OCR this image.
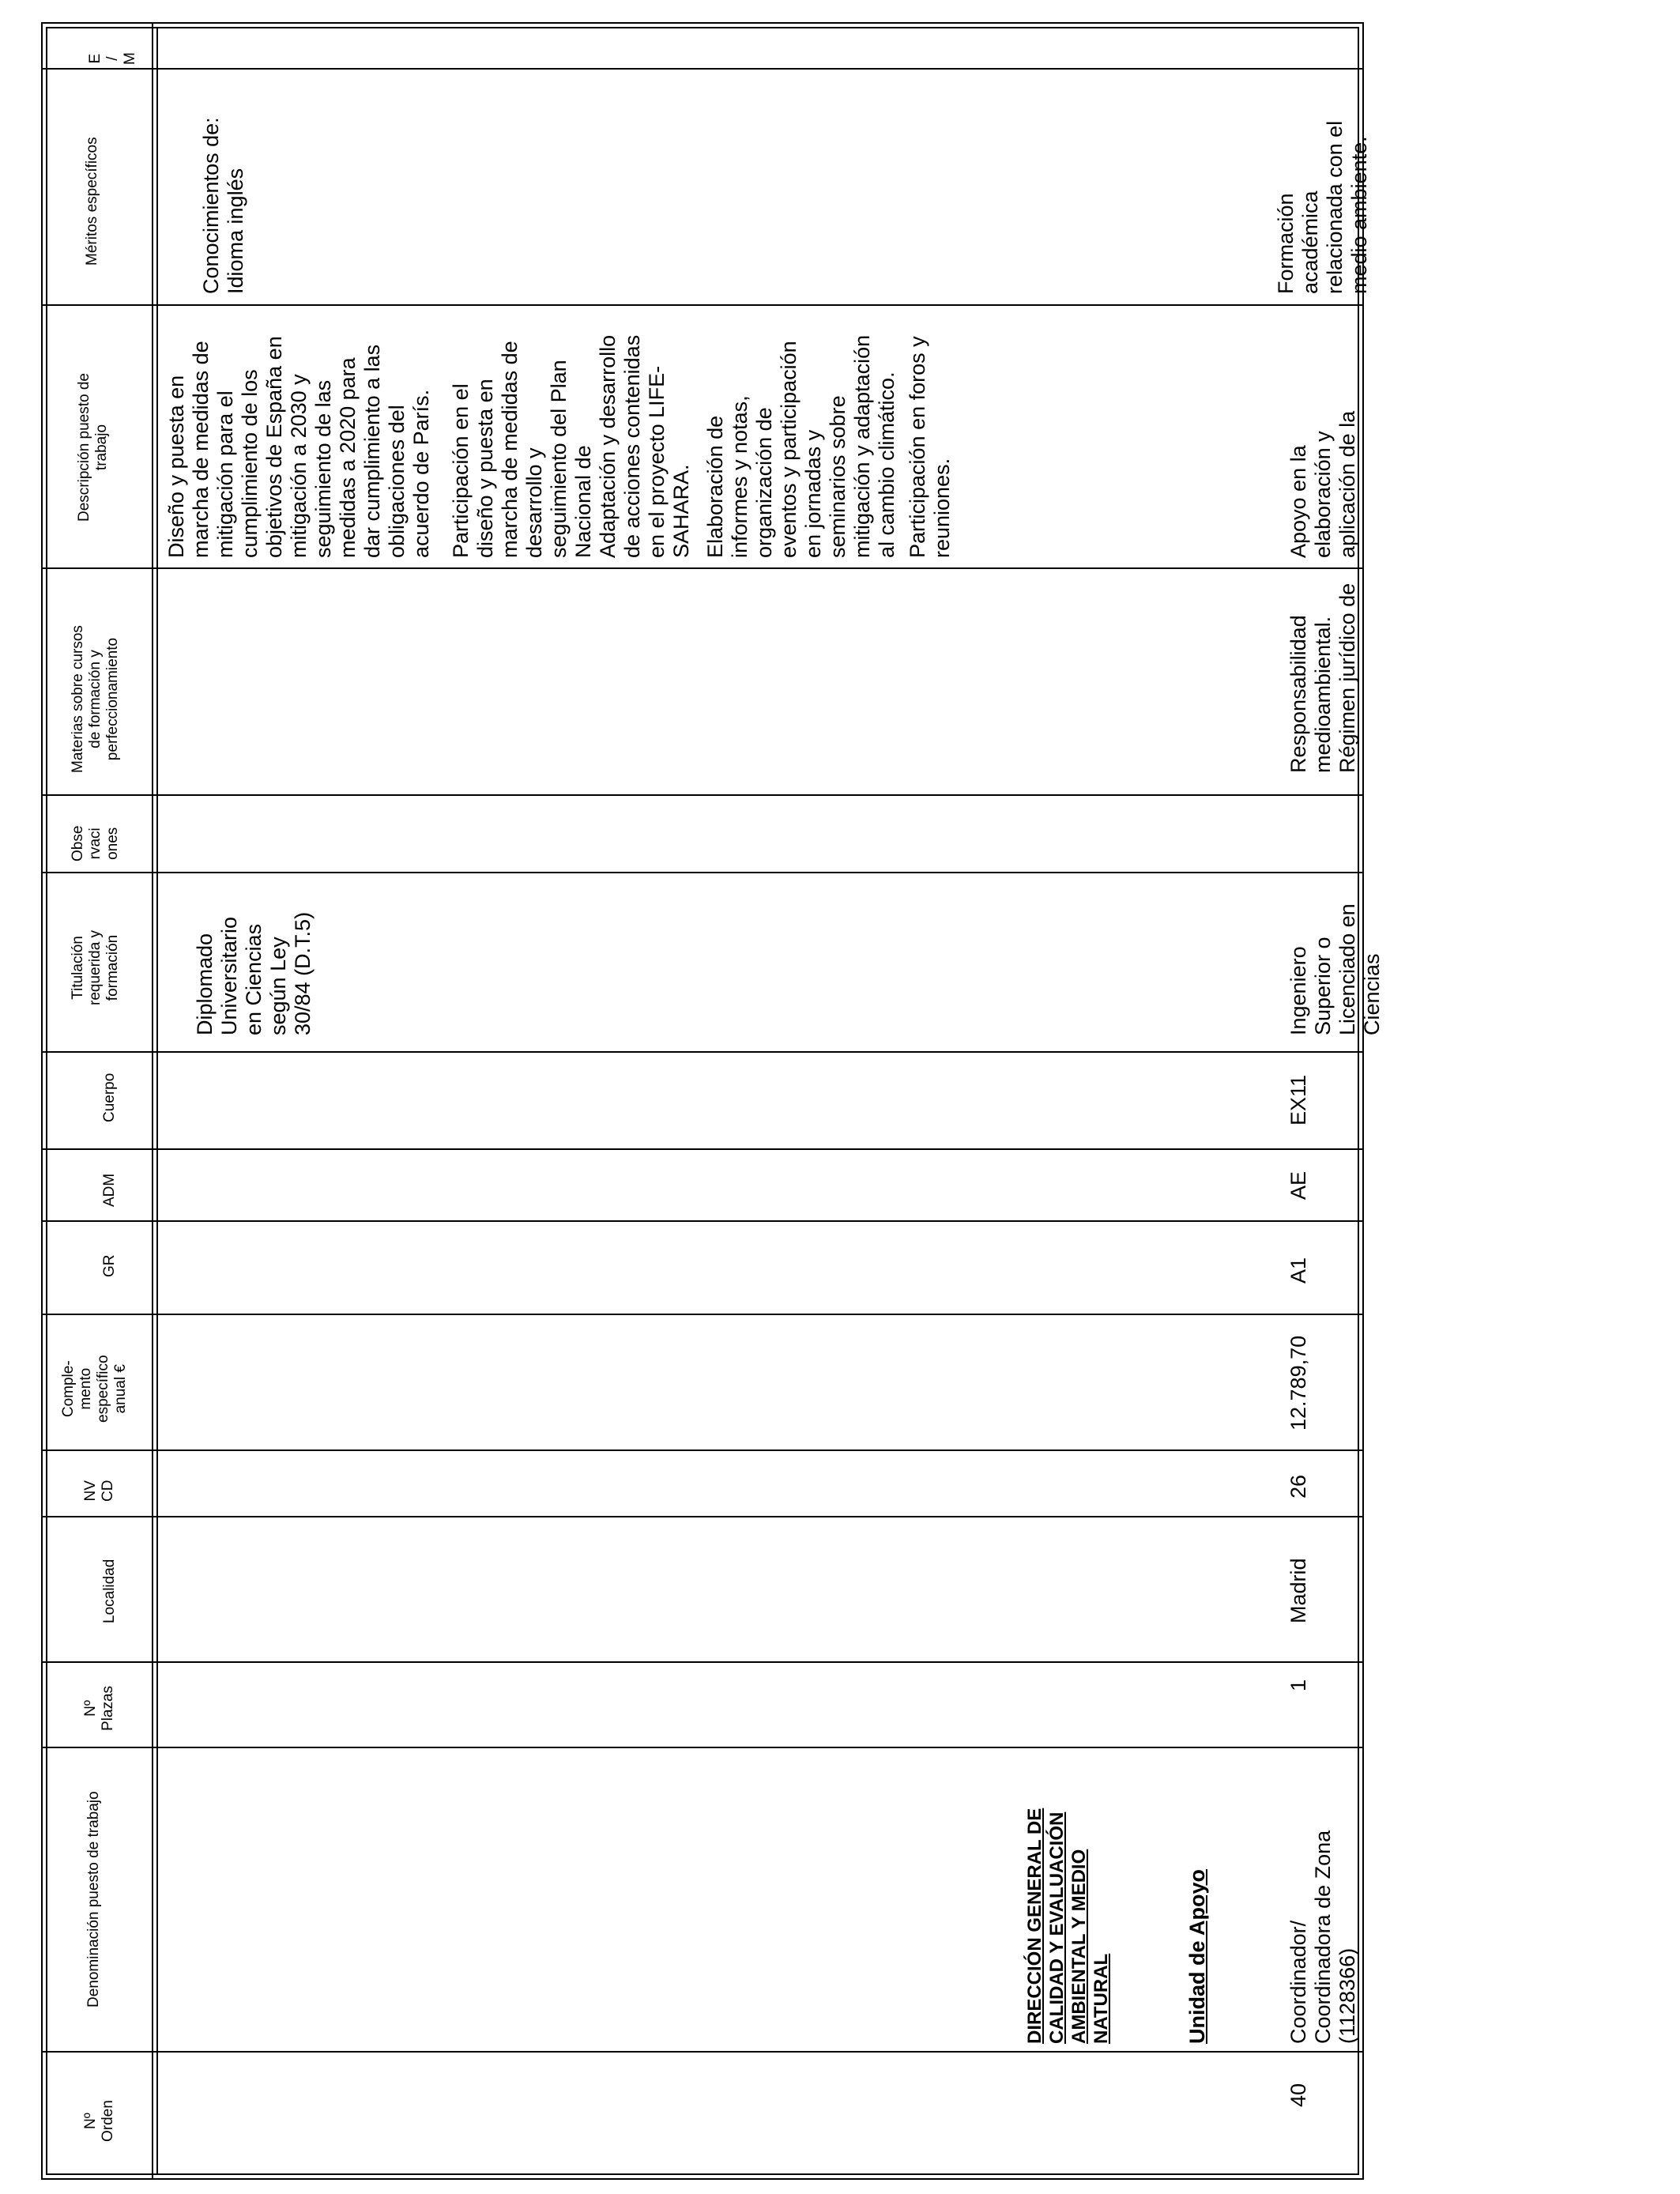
E
/
M
Méritos específicos
Descripción puesto de
trabajo
Materias sobre cursos
de formación y
perfeccionamiento
Obse
rvaci
ones
Titulación
requerida y
formación
Cuerpo
ADM
GR
Comple-
mento
específico
anual €
NV
CD
Localidad
Nº
Plazas
Denominación puesto de trabajo
Nº
Orden
Diplomado
Universitario
en Ciencias
según Ley
30/84 (D.T.5)
Diseño y puesta en
marcha de medidas de
mitigación para el
cumplimiento de los
objetivos de España en
mitigación a 2030 y
seguimiento de las
medidas a 2020 para
dar cumplimiento a las
obligaciones del
acuerdo de París.
Participación en el
diseño y puesta en
marcha de medidas de
desarrollo y
seguimiento del Plan
Nacional de
Adaptación y desarrollo
de acciones contenidas
en el proyecto LIFE-
SAHARA. Elaboración de
informes y notas,
organización de
eventos y participación
en jornadas y
seminarios sobre
mitigación y adaptación
al cambio climático.
Participación en foros y
reuniones.
Conocimientos de:
Idioma inglés
DIRECCIÓN GENERAL DE
CALIDAD Y EVALUACIÓN
AMBIENTAL Y MEDIO
NATURAL	Unidad de Apoyo
40
Coordinador/
Coordinadora de Zona
(1128366)
1
Madrid
26
12.789,70
A1
AE
EX11
Ingeniero
Superior o
Licenciado en
Ciencias
Responsabilidad
medioambiental.
Régimen jurídico de
Apoyo en la
elaboración y
aplicación de la
Formación
académica
relacionada con el
medio ambiente.
